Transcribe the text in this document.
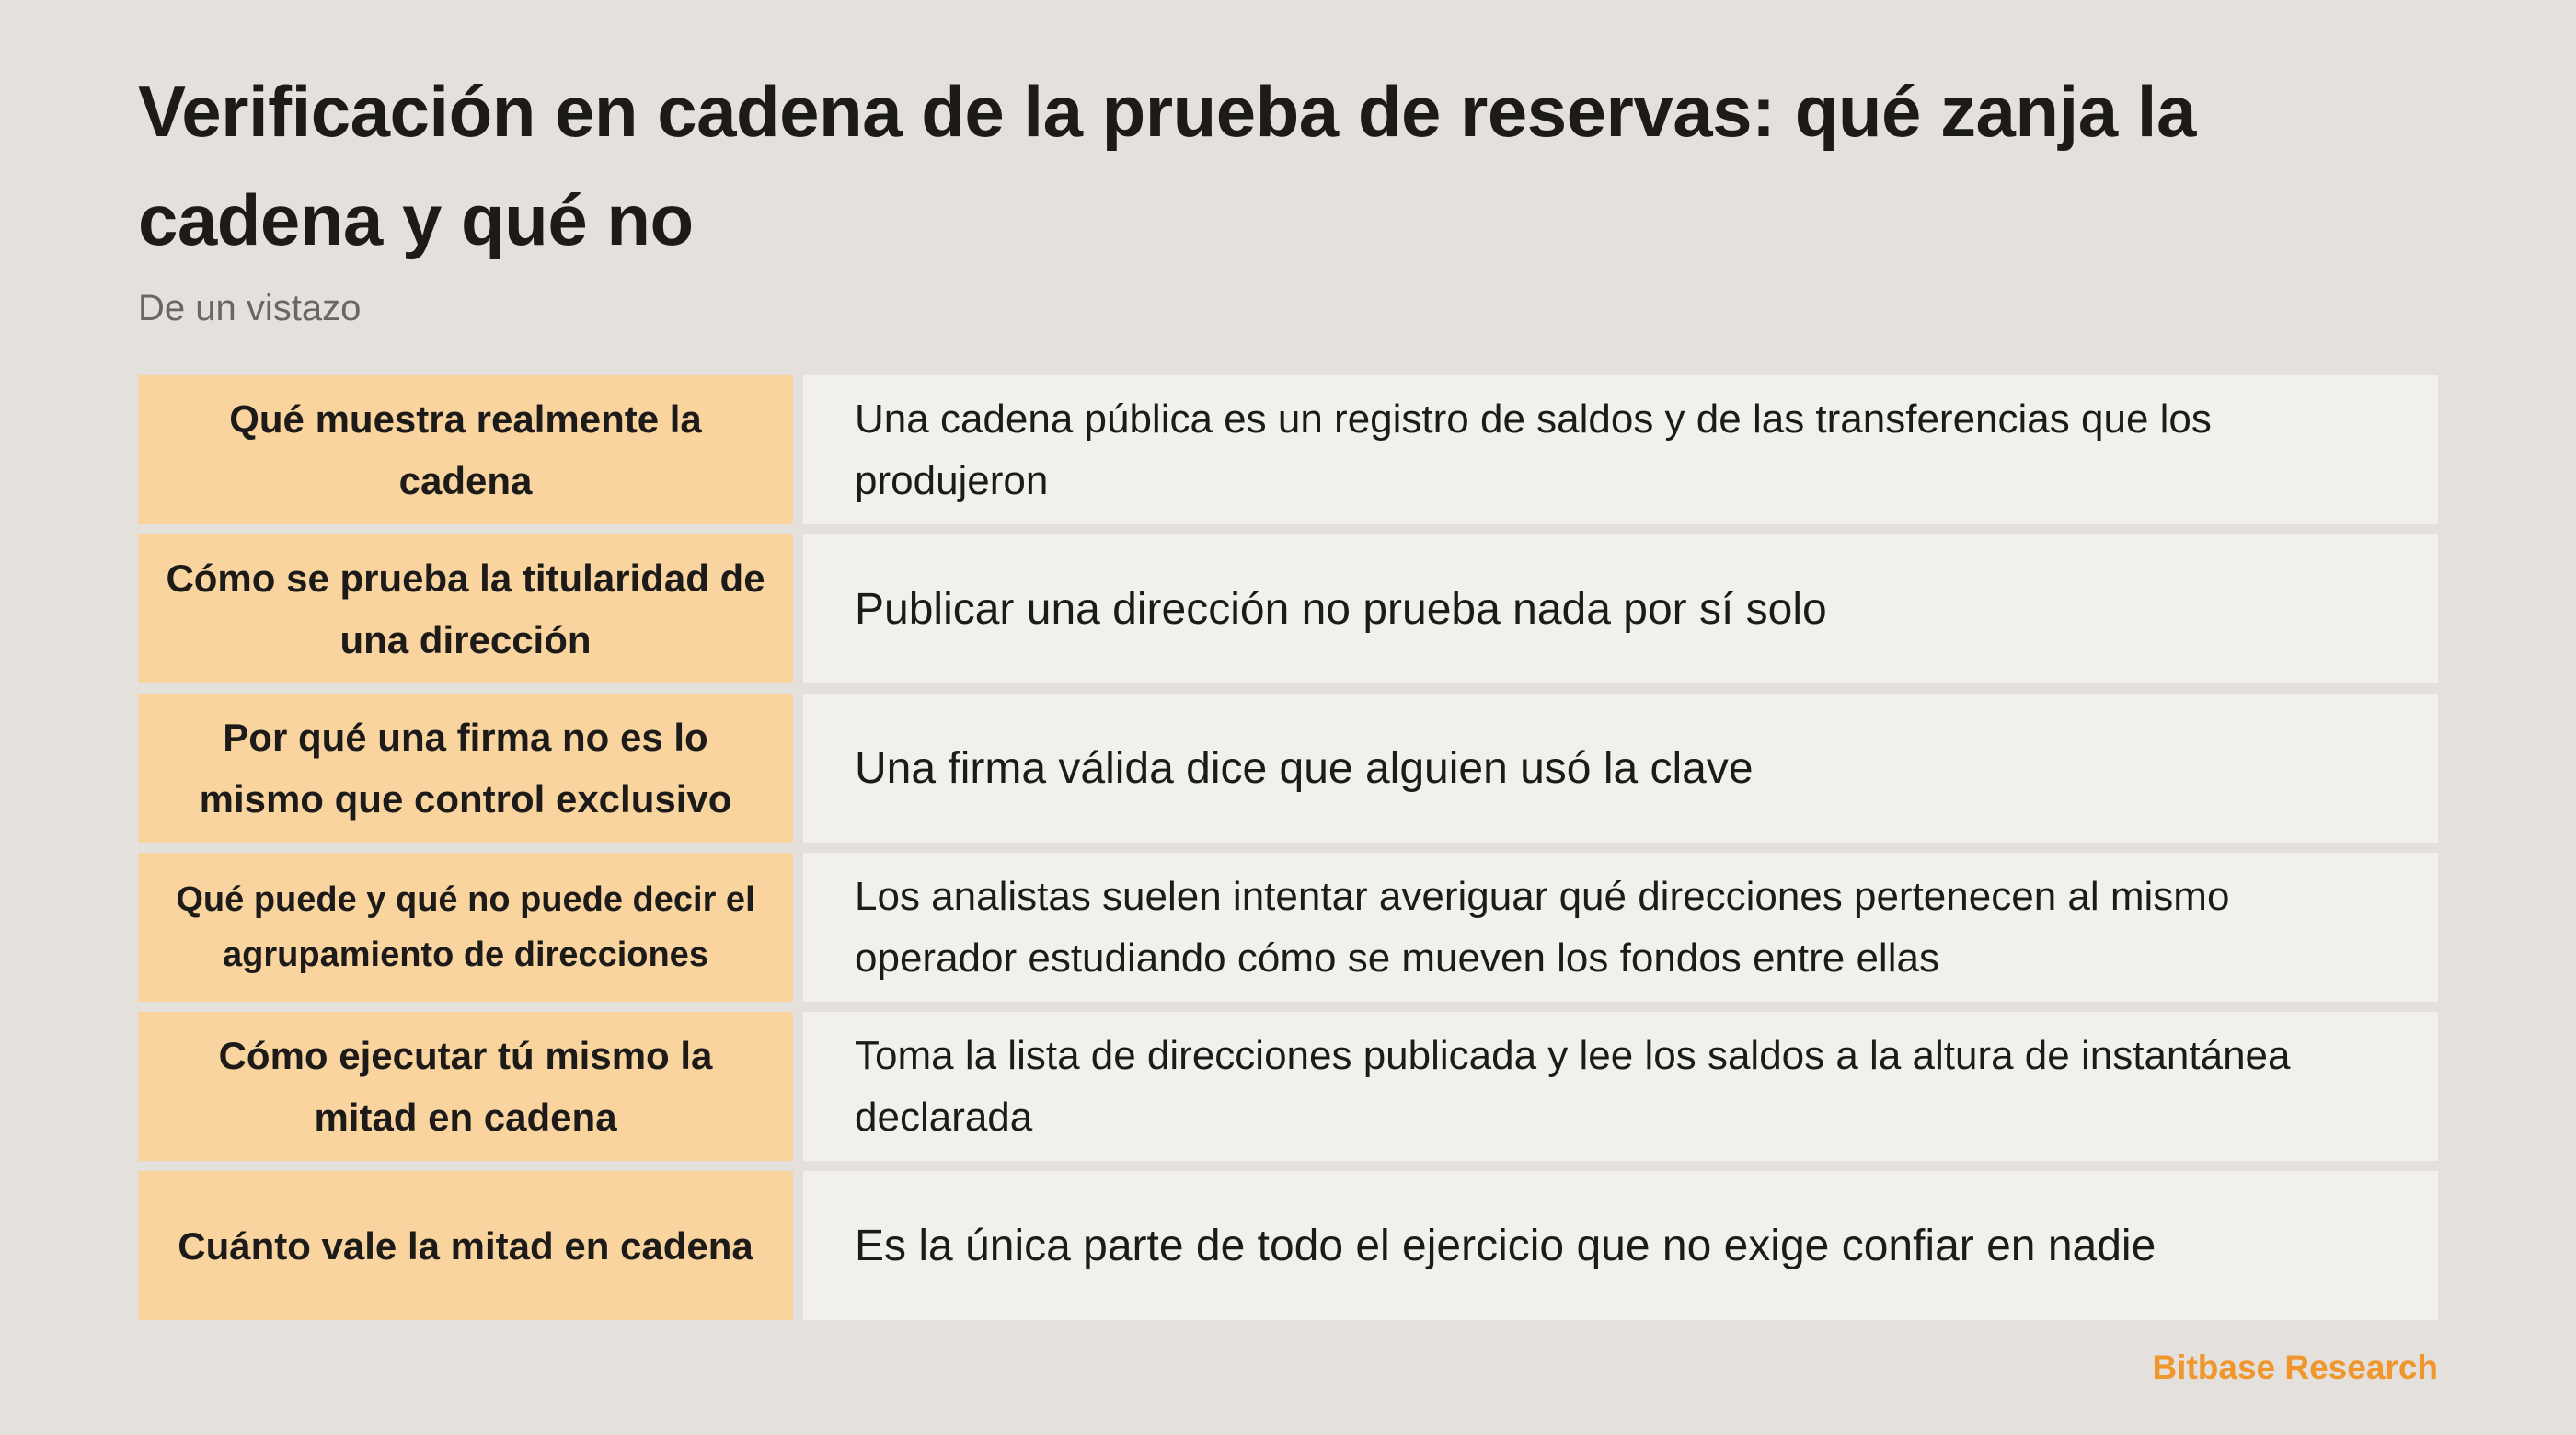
Verificación en cadena de la prueba de reservas: qué zanja la cadena y qué no
De un vistazo
Qué muestra realmente la cadena
Una cadena pública es un registro de saldos y de las transferencias que los produjeron
Cómo se prueba la titularidad de una dirección
Publicar una dirección no prueba nada por sí solo
Por qué una firma no es lo mismo que control exclusivo
Una firma válida dice que alguien usó la clave
Qué puede y qué no puede decir el agrupamiento de direcciones
Los analistas suelen intentar averiguar qué direcciones pertenecen al mismo operador estudiando cómo se mueven los fondos entre ellas
Cómo ejecutar tú mismo la mitad en cadena
Toma la lista de direcciones publicada y lee los saldos a la altura de instantánea declarada
Cuánto vale la mitad en cadena	Es la única parte de todo el ejercicio que no exige confiar en nadie
Bitbase Research
